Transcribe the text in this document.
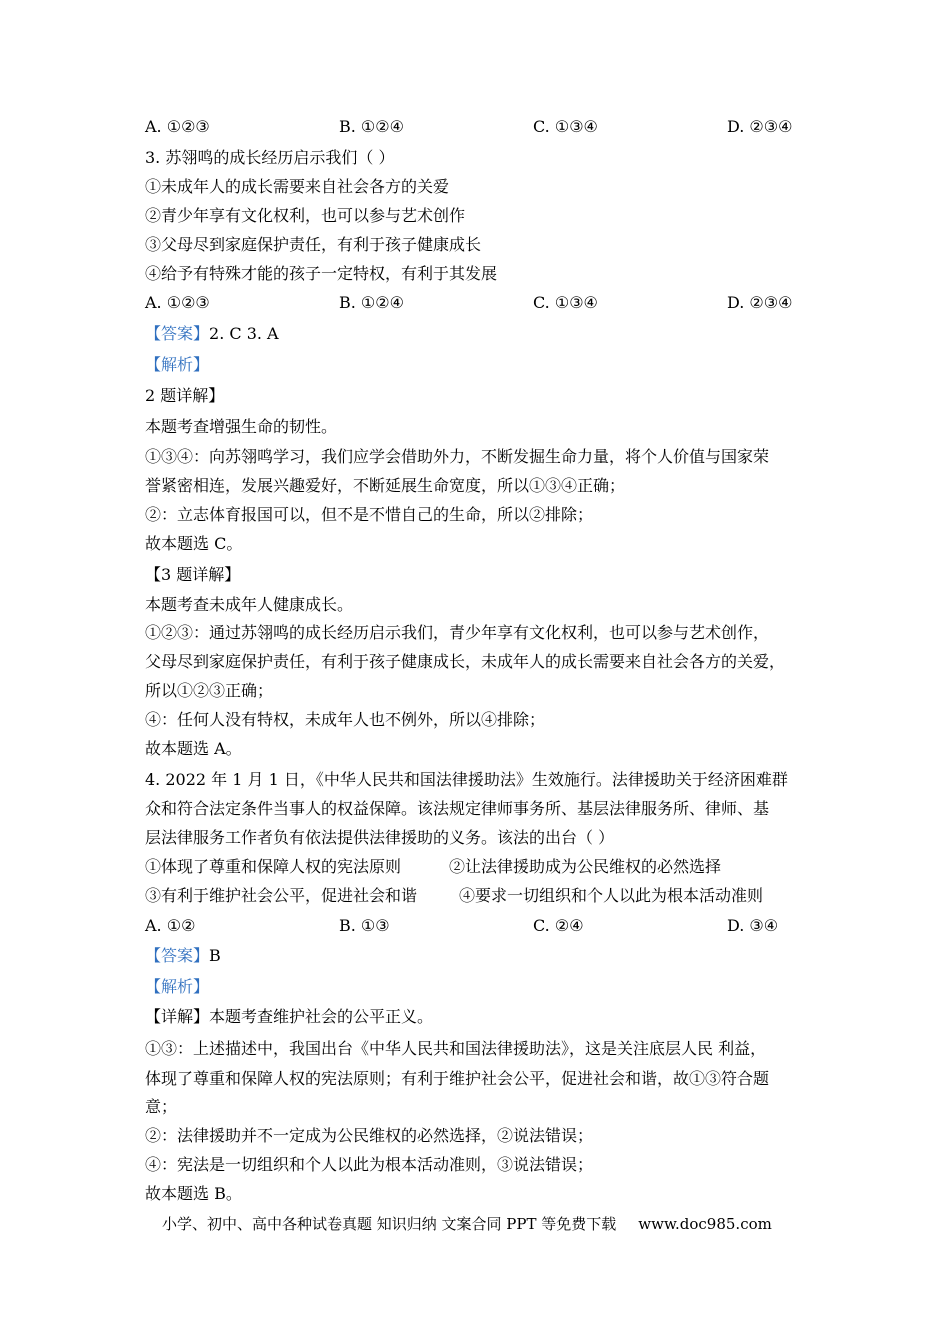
A. ①②③	B. ①②④	C. ①③④	D. ②③④
3. 苏翎鸣的成长经历启示我们（ ）
①未成年人的成长需要来自社会各方的关爱
②青少年享有文化权利，也可以参与艺术创作
③父母尽到家庭保护责任，有利于孩子健康成长
④给予有特殊才能的孩子一定特权，有利于其发展
A. ①②③	B. ①②④	C. ①③④	D. ②③④
【答案】2. C 3. A
【解析】
2 题详解】
本题考查增强生命的韧性。
①③④：向苏翎鸣学习，我们应学会借助外力，不断发掘生命力量，将个人价值与国家荣
誉紧密相连，发展兴趣爱好，不断延展生命宽度，所以①③④正确；
②：立志体育报国可以，但不是不惜自己的生命，所以②排除；
故本题选 C。
【3 题详解】
本题考查未成年人健康成长。
①②③：通过苏翎鸣的成长经历启示我们，青少年享有文化权利，也可以参与艺术创作，
父母尽到家庭保护责任，有利于孩子健康成长，未成年人的成长需要来自社会各方的关爱，
所以①②③正确；
④：任何人没有特权，未成年人也不例外，所以④排除；
故本题选 A。
4. 2022 年 1 月 1 日，《中华人民共和国法律援助法》生效施行。法律援助关于经济困难群
众和符合法定条件当事人的权益保障。该法规定律师事务所、基层法律服务所、律师、基
层法律服务工作者负有依法提供法律援助的义务。该法的出台（ ）
①体现了尊重和保障人权的宪法原则	②让法律援助成为公民维权的必然选择
③有利于维护社会公平，促进社会和谐	④要求一切组织和个人以此为根本活动准则
A. ①②	B. ①③	C. ②④	D. ③④
【答案】B
【解析】
【详解】本题考查维护社会的公平正义。
①③：上述描述中，我国出台《中华人民共和国法律援助法》，这是关注底层人民 利益，
体现了尊重和保障人权的宪法原则；有利于维护社会公平，促进社会和谐，故①③符合题
意；
②：法律援助并不一定成为公民维权的必然选择，②说法错误；
④：宪法是一切组织和个人以此为根本活动准则，③说法错误；
故本题选 B。
小学、初中、高中各种试卷真题 知识归纳 文案合同 PPT 等免费下载 www.doc985.com
